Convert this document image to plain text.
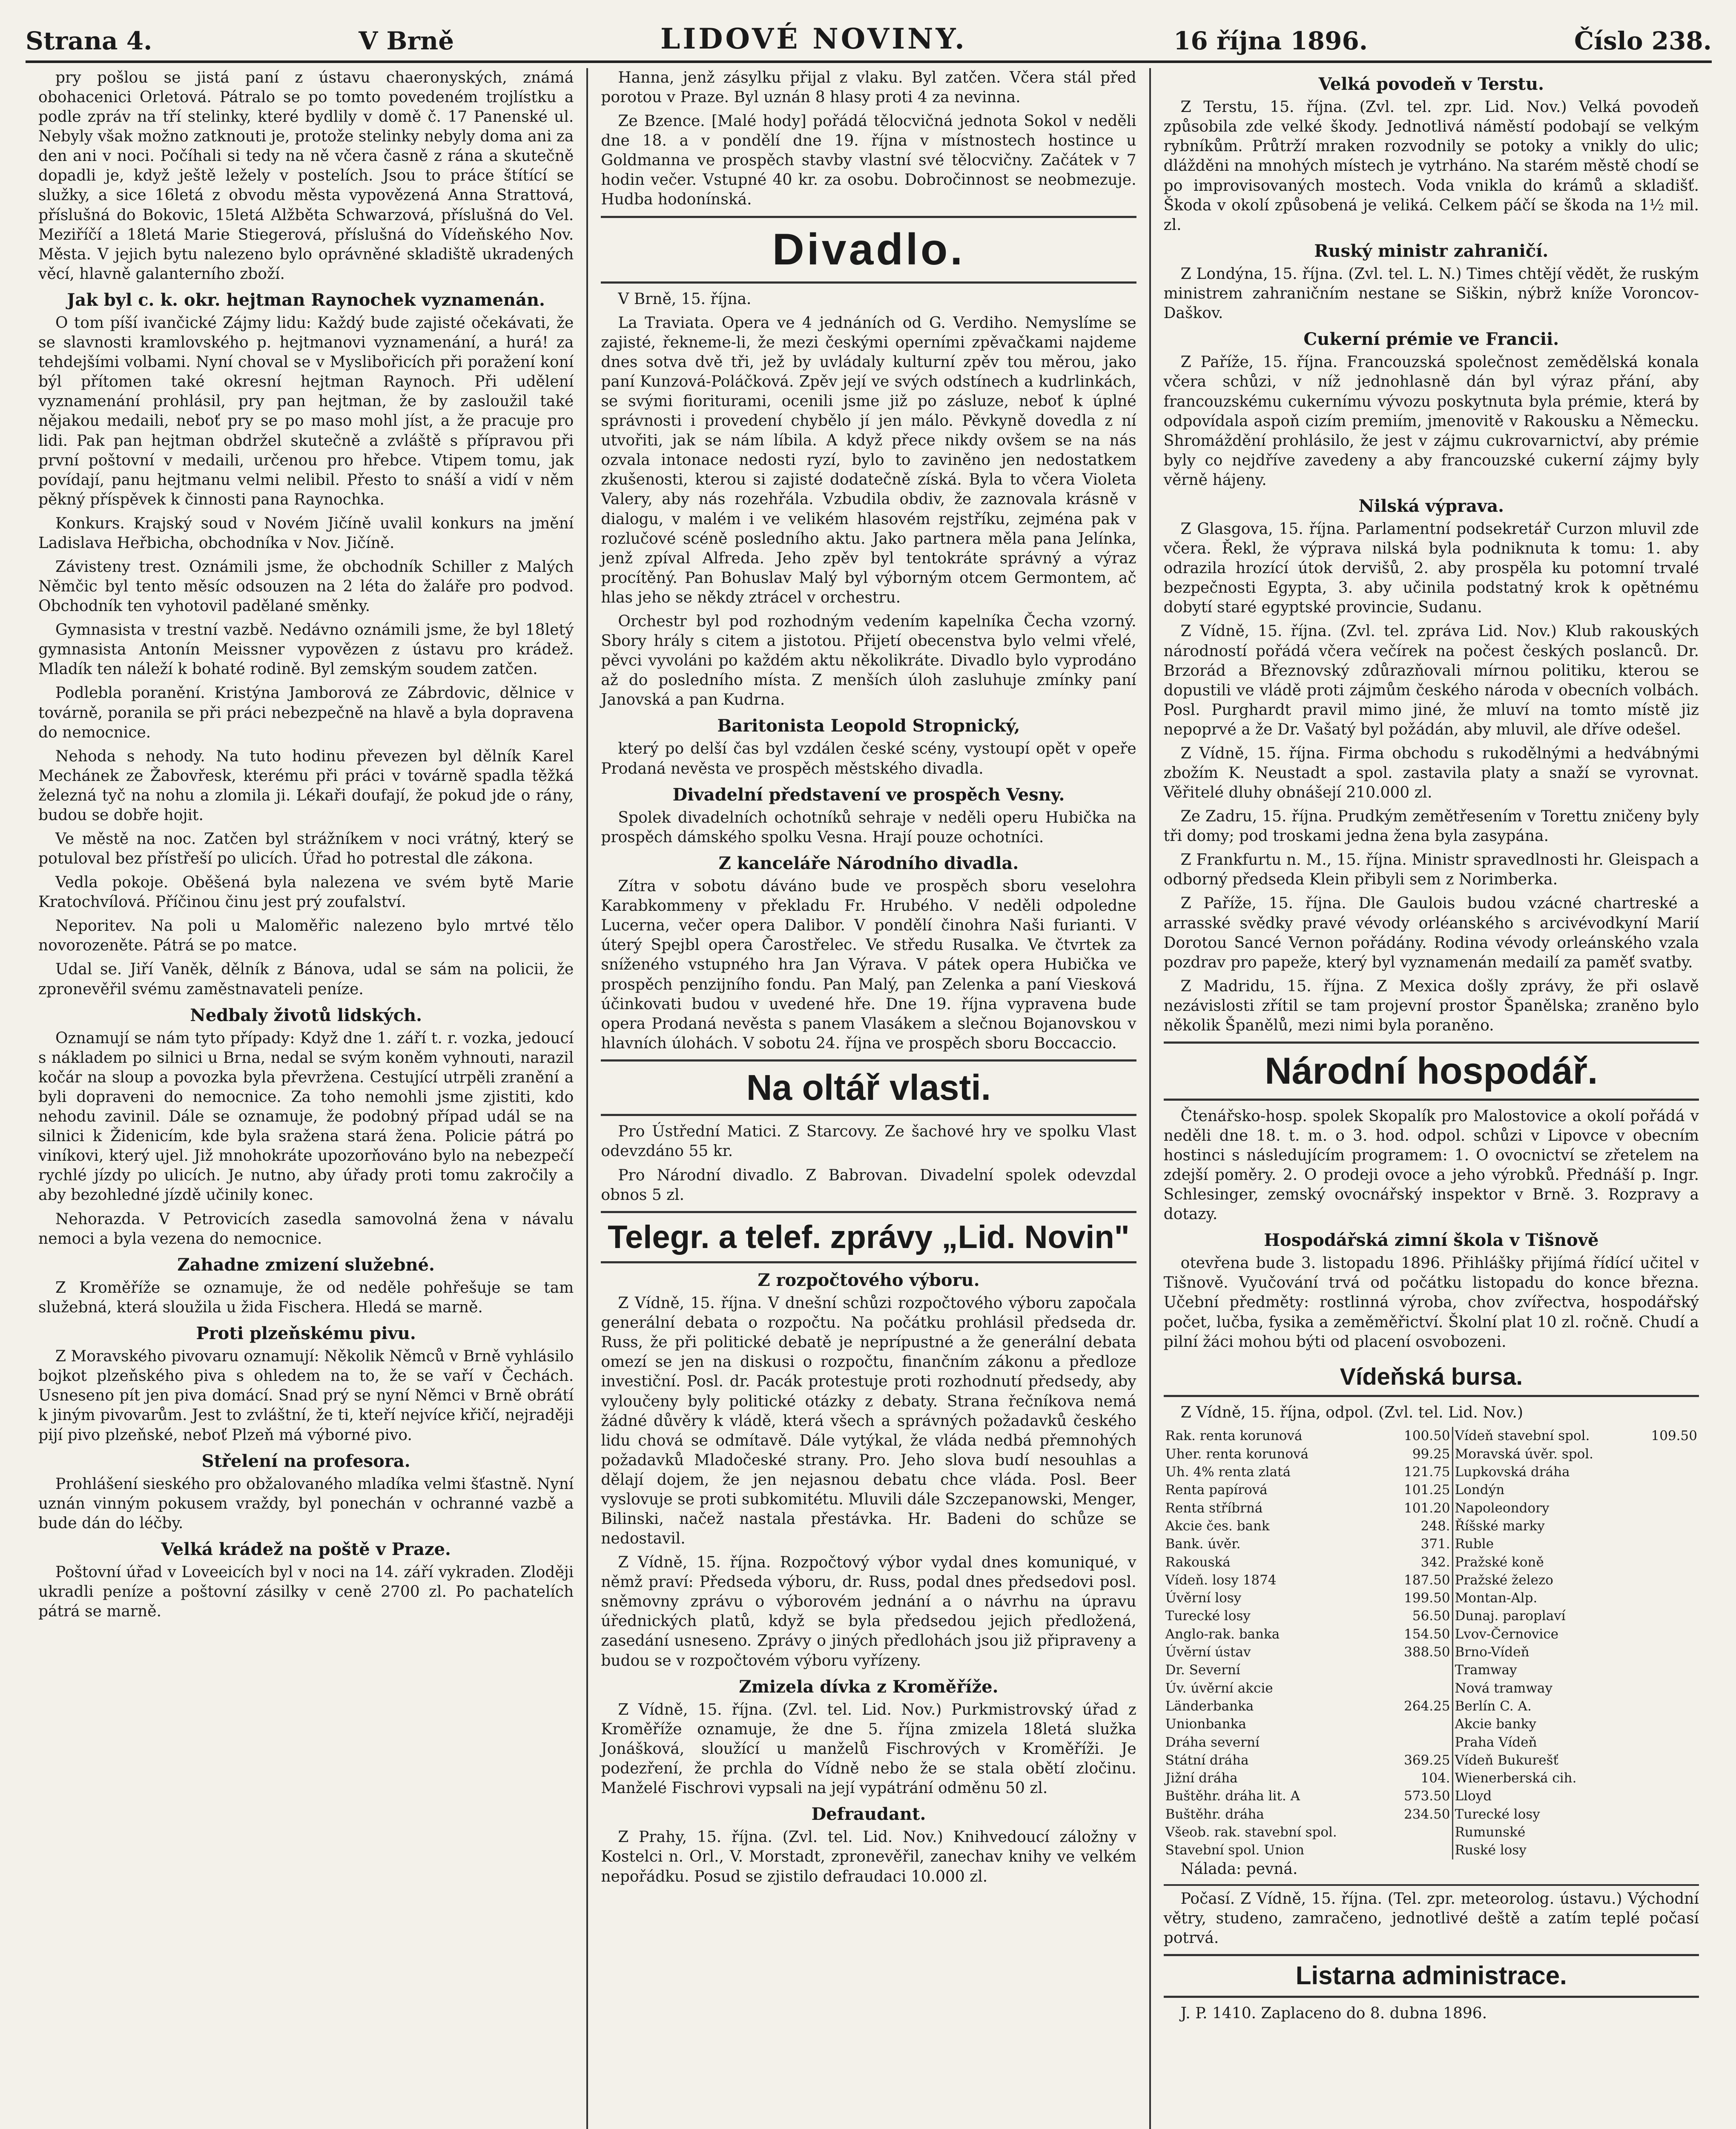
Strana 4.	V Brně	LIDOVÉ NOVINY.	16 října 1896.	Číslo 238.

pry pošlou se jistá paní z ústavu chaeronyských, známá obohacenici Orletová. Pátralo se po tomto povedeném trojlístku a podle zpráv na tří stelinky, které bydlily v domě č. 17 Panenské ul. Nebyly však možno zatknouti je, protože stelinky nebyly doma ani za den ani v noci. Počíhali si tedy na ně včera časně z rána a skutečně dopadli je, když ještě ležely v postelích. Jsou to práce štítící se služky, a sice 16letá z obvodu města vypovězená Anna Strattová, příslušná do Bokovic, 15letá Alžběta Schwarzová, příslušná do Vel. Meziříčí a 18letá Marie Stiegerová, příslušná do Vídeňského Nov. Města. V jejich bytu nalezeno bylo oprávněné skladiště ukradených věcí, hlavně galanterního zboží.

Jak byl c. k. okr. hejtman Raynochek vyznamenán.

O tom píší ivančické Zájmy lidu: Každý bude zajisté očekávati, že se slavnosti kramlovského p. hejtmanovi vyznamenání, a hurá! za tehdejšími volbami. Nyní choval se v Myslibořicích při poražení koní býl přítomen také okresní hejtman Raynoch. Při udělení vyznamenání prohlásil, pry pan hejtman, že by zasloužil také nějakou medaili, neboť pry se po maso mohl jíst, a že pracuje pro lidi. Pak pan hejtman obdržel skutečně a zvláště s přípravou při první poštovní v medaili, určenou pro hřebce. Vtipem tomu, jak povídají, panu hejtmanu velmi nelibil. Přesto to snáší a vidí v něm pěkný příspěvek k činnosti pana Raynochka.

Konkurs. Krajský soud v Novém Jičíně uvalil konkurs na jmění Ladislava Heřbicha, obchodníka v Nov. Jičíně.

Závisteny trest. Oznámili jsme, že obchodník Schiller z Malých Němčic byl tento měsíc odsouzen na 2 léta do žaláře pro podvod. Obchodník ten vyhotovil padělané směnky.

Gymnasista v trestní vazbě. Nedávno oznámili jsme, že byl 18letý gymnasista Antonín Meissner vypovězen z ústavu pro krádež. Mladík ten náleží k bohaté rodině. Byl zemským soudem zatčen.

Podlebla poranění. Kristýna Jamborová ze Zábrdovic, dělnice v továrně, poranila se při práci nebezpečně na hlavě a byla dopravena do nemocnice.

Nehoda s nehody. Na tuto hodinu převezen byl dělník Karel Mechánek ze Žabovřesk, kterému při práci v továrně spadla těžká železná tyč na nohu a zlomila ji. Lékaři doufají, že pokud jde o rány, budou se dobře hojit.

Ve městě na noc. Zatčen byl strážníkem v noci vrátný, který se potuloval bez přístřeší po ulicích. Úřad ho potrestal dle zákona.

Vedla pokoje. Oběšená byla nalezena ve svém bytě Marie Kratochvílová. Příčinou činu jest prý zoufalství.

Neporitev. Na poli u Maloměřic nalezeno bylo mrtvé tělo novorozeněte. Pátrá se po matce.

Udal se. Jiří Vaněk, dělník z Bánova, udal se sám na policii, že zpronevěřil svému zaměstnavateli peníze.

Nedbaly životů lidských.

Oznamují se nám tyto případy: Když dne 1. září t. r. vozka, jedoucí s nákladem po silnici u Brna, nedal se svým koněm vyhnouti, narazil kočár na sloup a povozka byla převržena. Cestující utrpěli zranění a byli dopraveni do nemocnice. Za toho nemohli jsme zjistiti, kdo nehodu zavinil. Dále se oznamuje, že podobný případ udál se na silnici k Židenicím, kde byla sražena stará žena. Policie pátrá po viníkovi, který ujel. Již mnohokráte upozorňováno bylo na nebezpečí rychlé jízdy po ulicích. Je nutno, aby úřady proti tomu zakročily a aby bezohledné jízdě učinily konec.

Nehorazda. V Petrovicích zasedla samovolná žena v návalu nemoci a byla vezena do nemocnice.

Zahadne zmizení služebné.

Z Kroměříže se oznamuje, že od neděle pohřešuje se tam služebná, která sloužila u žida Fischera. Hledá se marně.

Proti plzeňskému pivu.

Z Moravského pivovaru oznamují: Několik Němců v Brně vyhlásilo bojkot plzeňského piva s ohledem na to, že se vaří v Čechách. Usneseno pít jen piva domácí. Snad prý se nyní Němci v Brně obrátí k jiným pivovarům. Jest to zvláštní, že ti, kteří nejvíce křičí, nejraději pijí pivo plzeňské, neboť Plzeň má výborné pivo.

Střelení na profesora.

Prohlášení sieského pro obžalovaného mladíka velmi šťastně. Nyní uznán vinným pokusem vraždy, byl ponechán v ochranné vazbě a bude dán do léčby.

Velká krádež na poště v Praze.

Poštovní úřad v Loveeicích byl v noci na 14. září vykraden. Zloději ukradli peníze a poštovní zásilky v ceně 2700 zl. Po pachatelích pátrá se marně.

Hanna, jenž zásylku přijal z vlaku. Byl zatčen. Včera stál před porotou v Praze. Byl uznán 8 hlasy proti 4 za nevinna.

Ze Bzence. [Malé hody] pořádá tělocvičná jednota Sokol v neděli dne 18. a v pondělí dne 19. října v místnostech hostince u Goldmanna ve prospěch stavby vlastní své tělocvičny. Začátek v 7 hodin večer. Vstupné 40 kr. za osobu. Dobročinnost se neobmezuje. Hudba hodonínská.

Divadlo.

V Brně, 15. října.

La Traviata. Opera ve 4 jednáních od G. Verdiho. Nemyslíme se zajisté, řekneme-li, že mezi českými operními zpěvačkami najdeme dnes sotva dvě tři, jež by uvládaly kulturní zpěv tou měrou, jako paní Kunzová-Poláčková. Zpěv její ve svých odstínech a kudrlinkách, se svými fioriturami, ocenili jsme již po zásluze, neboť k úplné správnosti i provedení chybělo jí jen málo. Pěvkyně dovedla z ní utvořiti, jak se nám líbila. A když přece nikdy ovšem se na nás ozvala intonace nedosti ryzí, bylo to zaviněno jen nedostatkem zkušenosti, kterou si zajisté dodatečně získá. Byla to včera Violeta Valery, aby nás rozehřála. Vzbudila obdiv, že zaznovala krásně v dialogu, v malém i ve velikém hlasovém rejstříku, zejména pak v rozlučové scéně posledního aktu. Jako partnera měla pana Jelínka, jenž zpíval Alfreda. Jeho zpěv byl tentokráte správný a výraz procítěný. Pan Bohuslav Malý byl výborným otcem Germontem, ač hlas jeho se někdy ztrácel v orchestru.

Orchestr byl pod rozhodným vedením kapelníka Čecha vzorný. Sbory hrály s citem a jistotou. Přijetí obecenstva bylo velmi vřelé, pěvci vyvoláni po každém aktu několikráte. Divadlo bylo vyprodáno až do posledního místa. Z menších úloh zasluhuje zmínky paní Janovská a pan Kudrna.

Baritonista Leopold Stropnický,

který po delší čas byl vzdálen české scény, vystoupí opět v opeře Prodaná nevěsta ve prospěch městského divadla.

Divadelní představení ve prospěch Vesny.

Spolek divadelních ochotníků sehraje v neděli operu Hubička na prospěch dámského spolku Vesna. Hrají pouze ochotníci.

Z kanceláře Národního divadla.

Zítra v sobotu dáváno bude ve prospěch sboru veselohra Karabkommeny v překladu Fr. Hrubého. V neděli odpoledne Lucerna, večer opera Dalibor. V pondělí činohra Naši furianti. V úterý Spejbl opera Čarostřelec. Ve středu Rusalka. Ve čtvrtek za sníženého vstupného hra Jan Výrava. V pátek opera Hubička ve prospěch penzijního fondu. Pan Malý, pan Zelenka a paní Viesková účinkovati budou v uvedené hře. Dne 19. října vypravena bude opera Prodaná nevěsta s panem Vlasákem a slečnou Bojanovskou v hlavních úlohách. V sobotu 24. října ve prospěch sboru Boccaccio.

Na oltář vlasti.

Pro Ústřední Matici. Z Starcovy. Ze šachové hry ve spolku Vlast odevzdáno 55 kr.

Pro Národní divadlo. Z Babrovan. Divadelní spolek odevzdal obnos 5 zl.

Telegr. a telef. zprávy „Lid. Novin"
Z rozpočtového výboru.

Z Vídně, 15. října. V dnešní schůzi rozpočtového výboru započala generální debata o rozpočtu. Na počátku prohlásil předseda dr. Russ, že při politické debatě je neprípustné a že generální debata omezí se jen na diskusi o rozpočtu, finančním zákonu a předloze investiční. Posl. dr. Pacák protestuje proti rozhodnutí předsedy, aby vyloučeny byly politické otázky z debaty. Strana řečníkova nemá žádné důvěry k vládě, která všech a správných požadavků českého lidu chová se odmítavě. Dále vytýkal, že vláda nedbá přemnohých požadavků Mladočeské strany. Pro. Jeho slova budí nesouhlas a dělají dojem, že jen nejasnou debatu chce vláda. Posl. Beer vyslovuje se proti subkomitétu. Mluvili dále Szczepanowski, Menger, Bilinski, načež nastala přestávka. Hr. Badeni do schůze se nedostavil.

Z Vídně, 15. října. Rozpočtový výbor vydal dnes komuniqué, v němž praví: Předseda výboru, dr. Russ, podal dnes předsedovi posl. sněmovny zprávu o výborovém jednání a o návrhu na úpravu úřednických platů, když se byla předsedou jejich předložená, zasedání usneseno. Zprávy o jiných předlohách jsou již připraveny a budou se v rozpočtovém výboru vyřízeny.

Zmizela dívka z Kroměříže.

Z Vídně, 15. října. (Zvl. tel. Lid. Nov.) Purkmistrovský úřad z Kroměříže oznamuje, že dne 5. října zmizela 18letá služka Jonášková, sloužící u manželů Fischrových v Kroměříži. Je podezření, že prchla do Vídně nebo že se stala obětí zločinu. Manželé Fischrovi vypsali na její vypátrání odměnu 50 zl.

Defraudant.

Z Prahy, 15. října. (Zvl. tel. Lid. Nov.) Knihvedoucí záložny v Kostelci n. Orl., V. Morstadt, zpronevěřil, zanechav knihy ve velkém nepořádku. Posud se zjistilo defraudaci 10.000 zl.

Velká povodeň v Terstu.

Z Terstu, 15. října. (Zvl. tel. zpr. Lid. Nov.) Velká povodeň způsobila zde velké škody. Jednotlivá náměstí podobají se velkým rybníkům. Průtrží mraken rozvodnily se potoky a vnikly do ulic; dlážděni na mnohých místech je vytrháno. Na starém městě chodí se po improvisovaných mostech. Voda vnikla do krámů a skladišť. Škoda v okolí způsobená je veliká. Celkem páčí se škoda na 1½ mil. zl.

Ruský ministr zahraničí.

Z Londýna, 15. října. (Zvl. tel. L. N.) Times chtějí vědět, že ruským ministrem zahraničním nestane se Siškin, nýbrž kníže Voroncov-Daškov.

Cukerní prémie ve Francii.

Z Paříže, 15. října. Francouzská společnost zemědělská konala včera schůzi, v níž jednohlasně dán byl výraz přání, aby francouzskému cukernímu vývozu poskytnuta byla prémie, která by odpovídala aspoň cizím premiím, jmenovitě v Rakousku a Německu. Shromáždění prohlásilo, že jest v zájmu cukrovarnictví, aby prémie byly co nejdříve zavedeny a aby francouzské cukerní zájmy byly věrně hájeny.

Nilská výprava.

Z Glasgova, 15. října. Parlamentní podsekretář Curzon mluvil zde včera. Řekl, že výprava nilská byla podniknuta k tomu: 1. aby odrazila hrozící útok dervišů, 2. aby prospěla ku potomní trvalé bezpečnosti Egypta, 3. aby učinila podstatný krok k opětnému dobytí staré egyptské provincie, Sudanu.

Z Vídně, 15. října. (Zvl. tel. zpráva Lid. Nov.) Klub rakouských národností pořádá včera večírek na počest českých poslanců. Dr. Brzorád a Březnovský zdůrazňovali mírnou politiku, kterou se dopustili ve vládě proti zájmům českého národa v obecních volbách. Posl. Purghardt pravil mimo jiné, že mluví na tomto místě jiz nepoprvé a že Dr. Vašatý byl požádán, aby mluvil, ale dříve odešel.

Z Vídně, 15. října. Firma obchodu s rukodělnými a hedvábnými zbožím K. Neustadt a spol. zastavila platy a snaží se vyrovnat. Věřitelé dluhy obnášejí 210.000 zl.

Ze Zadru, 15. října. Prudkým zemětřesením v Torettu zničeny byly tři domy; pod troskami jedna žena byla zasypána.

Z Frankfurtu n. M., 15. října. Ministr spravedlnosti hr. Gleispach a odborný předseda Klein přibyli sem z Norimberka.

Z Paříže, 15. října. Dle Gaulois budou vzácné chartreské a arrasské svědky pravé vévody orléanského s arcivévodkyní Marií Dorotou Sancé Vernon pořádány. Rodina vévody orleánského vzala pozdrav pro papeže, který byl vyznamenán medailí za paměť svatby.

Z Madridu, 15. října. Z Mexica došly zprávy, že při oslavě nezávislosti zřítil se tam projevní prostor Španělska; zraněno bylo několik Španělů, mezi nimi byla poraněno.

Národní hospodář.

Čtenářsko-hosp. spolek Skopalík pro Malostovice a okolí pořádá v neděli dne 18. t. m. o 3. hod. odpol. schůzi v Lipovce v obecním hostinci s následujícím programem: 1. O ovocnictví se zřetelem na zdejší poměry. 2. O prodeji ovoce a jeho výrobků. Přednáší p. Ingr. Schlesinger, zemský ovocnářský inspektor v Brně. 3. Rozpravy a dotazy.

Hospodářská zimní škola v Tišnově

otevřena bude 3. listopadu 1896. Přihlášky přijímá řídící učitel v Tišnově. Vyučování trvá od počátku listopadu do konce března. Učební předměty: rostlinná výroba, chov zvířectva, hospodářský počet, lučba, fysika a zeměměřictví. Školní plat 10 zl. ročně. Chudí a pilní žáci mohou býti od placení osvobozeni.

Vídeňská bursa.

Z Vídně, 15. října, odpol. (Zvl. tel. Lid. Nov.)

Rak. renta korunová	100.50	Vídeň stavební spol.	109.50
Uher. renta korunová	99.25	Moravská úvěr. spol.	
Uh. 4% renta zlatá	121.75	Lupkovská dráha	
Renta papírová	101.25	Londýn	
Renta stříbrná	101.20	Napoleondory	
Akcie čes. bank	248.	Říšské marky	
Bank. úvěr.	371.	Ruble	
Rakouská	342.	Pražské koně	
Vídeň. losy 1874	187.50	Pražské železo	
Úvěrní losy	199.50	Montan-Alp.	
Turecké losy	56.50	Dunaj. paroplaví	
Anglo-rak. banka	154.50	Lvov-Černovice	
Úvěrní ústav	388.50	Brno-Vídeň	
Dr. Severní		Tramway	
Úv. úvěrní akcie		Nová tramway	
Länderbanka	264.25	Berlín C. A.	
Unionbanka		Akcie banky	
Dráha severní		Praha Vídeň	
Státní dráha	369.25	Vídeň Bukurešť	
Jižní dráha	104.	Wienerberská cih.	
Buštěhr. dráha lit. A	573.50	Lloyd	
Buštěhr. dráha	234.50	Turecké losy	
Všeob. rak. stavební spol.		Rumunské	
Stavební spol. Union		Ruské losy	

Nálada: pevná.

Počasí. Z Vídně, 15. října. (Tel. zpr. meteorolog. ústavu.) Východní větry, studeno, zamračeno, jednotlivé deště a zatím teplé počasí potrvá.

Listarna administrace.

J. P. 1410. Zaplaceno do 8. dubna 1896.
